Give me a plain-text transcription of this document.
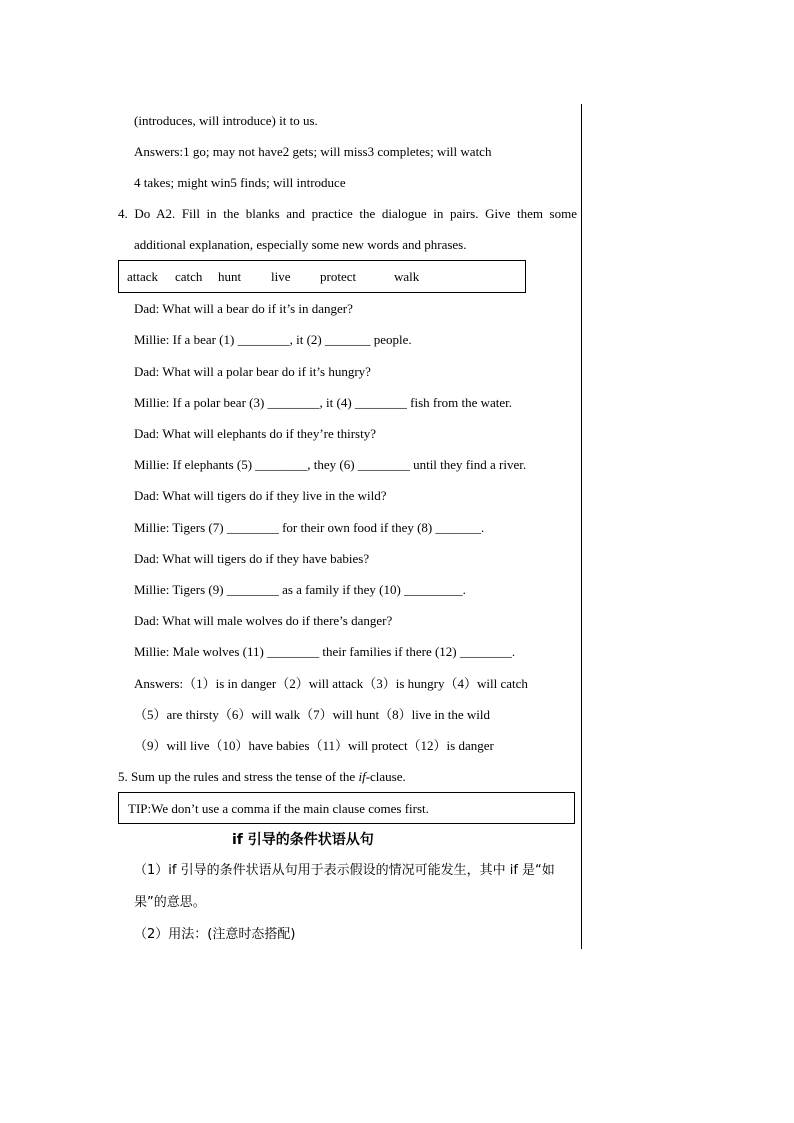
(introduces, will introduce) it to us.
Answers:1 go; may not have2 gets; will miss3 completes; will watch
4 takes; might win5 finds; will introduce
4. Do A2. Fill in the blanks and practice the dialogue in pairs. Give them some
additional explanation, especially some new words and phrases.
attack catch hunt live protect	walk
Dad: What will a bear do if it’s in danger?
Millie: If a bear (1) ________, it (2) _______ people.
Dad: What will a polar bear do if it’s hungry?
Millie: If a polar bear (3) ________, it (4) ________ fish from the water.
Dad: What will elephants do if they’re thirsty?
Millie: If elephants (5) ________, they (6) ________ until they find a river.
Dad: What will tigers do if they live in the wild?
Millie: Tigers (7) ________ for their own food if they (8) _______.
Dad: What will tigers do if they have babies?
Millie: Tigers (9) ________ as a family if they (10) _________.
Dad: What will male wolves do if there’s danger?
Millie: Male wolves (11) ________ their families if there (12) ________.
Answers:（1）is in danger（2）will attack（3）is hungry（4）will catch
（5）are thirsty（6）will walk（7）will hunt（8）live in the wild
（9）will live（10）have babies（11）will protect（12）is danger
5. Sum up the rules and stress the tense of the if-clause.
TIP:We don’t use a comma if the main clause comes first.
if 引导的条件状语从句
（1）if 引导的条件状语从句用于表示假设的情况可能发生，其中 if 是“如
果”的意思。
（2）用法：(注意时态搭配)
